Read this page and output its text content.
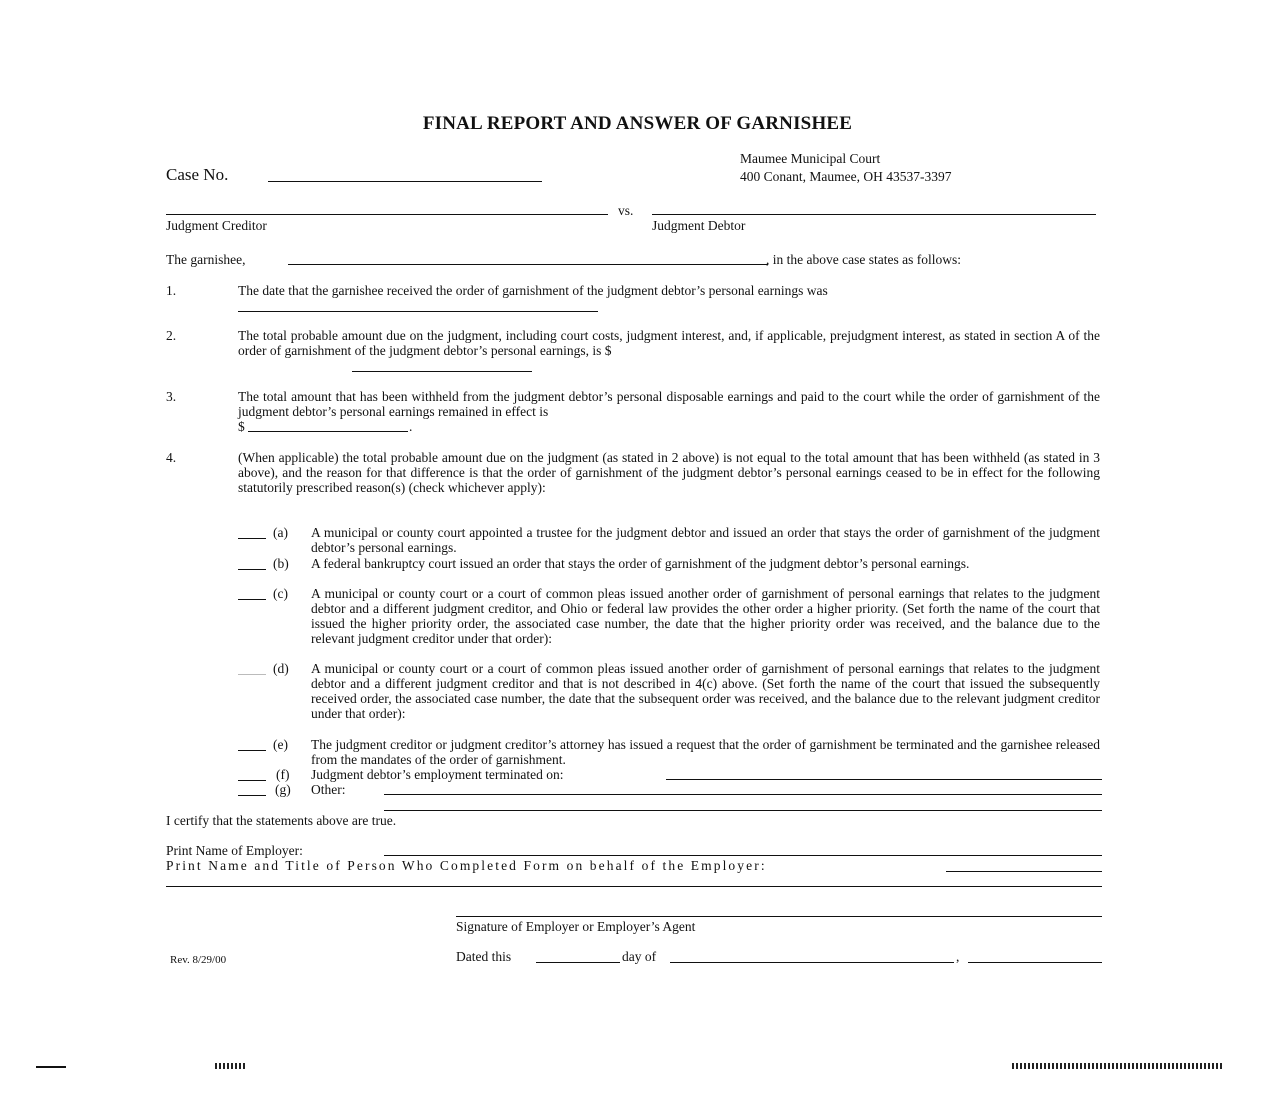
FINAL REPORT AND ANSWER OF GARNISHEE
Maumee Municipal Court
400 Conant, Maumee, OH 43537-3397
Case No.
vs.
Judgment Creditor	Judgment Debtor
The garnishee,	, in the above case states as follows:
1.	The date that the garnishee received the order of garnishment of the judgment debtor’s personal earnings was
2.	The total probable amount due on the judgment, including court costs, judgment interest, and, if applicable, prejudgment interest, as stated in section A of the order of garnishment of the judgment debtor’s personal earnings, is $
3.	The total amount that has been withheld from the judgment debtor’s personal disposable earnings and paid to the court while the order of garnishment of the judgment debtor’s personal earnings remained in effect is
$	.
4.	(When applicable) the total probable amount due on the judgment (as stated in 2 above) is not equal to the total amount that has been withheld (as stated in 3 above), and the reason for that difference is that the order of garnishment of the judgment debtor’s personal earnings ceased to be in effect for the following statutorily prescribed reason(s) (check whichever apply):
(a) A municipal or county court appointed a trustee for the judgment debtor and issued an order that stays the order of garnishment of the judgment debtor’s personal earnings.
(b) A federal bankruptcy court issued an order that stays the order of garnishment of the judgment debtor’s personal earnings.
(c) A municipal or county court or a court of common pleas issued another order of garnishment of personal earnings that relates to the judgment debtor and a different judgment creditor, and Ohio or federal law provides the other order a higher priority. (Set forth the name of the court that issued the higher priority order, the associated case number, the date that the higher priority order was received, and the balance due to the relevant judgment creditor under that order):
(d) A municipal or county court or a court of common pleas issued another order of garnishment of personal earnings that relates to the judgment debtor and a different judgment creditor and that is not described in 4(c) above. (Set forth the name of the court that issued the subsequently received order, the associated case number, the date that the subsequent order was received, and the balance due to the relevant judgment creditor under that order):
(e) The judgment creditor or judgment creditor’s attorney has issued a request that the order of garnishment be terminated and the garnishee released from the mandates of the order of garnishment.
(f) Judgment debtor’s employment terminated on:
(g) Other:
I certify that the statements above are true.
Print Name of Employer:
Print Name and Title of Person Who Completed Form on behalf of the Employer:
Signature of Employer or Employer’s Agent
Rev. 8/29/00	Dated this	day of	,
